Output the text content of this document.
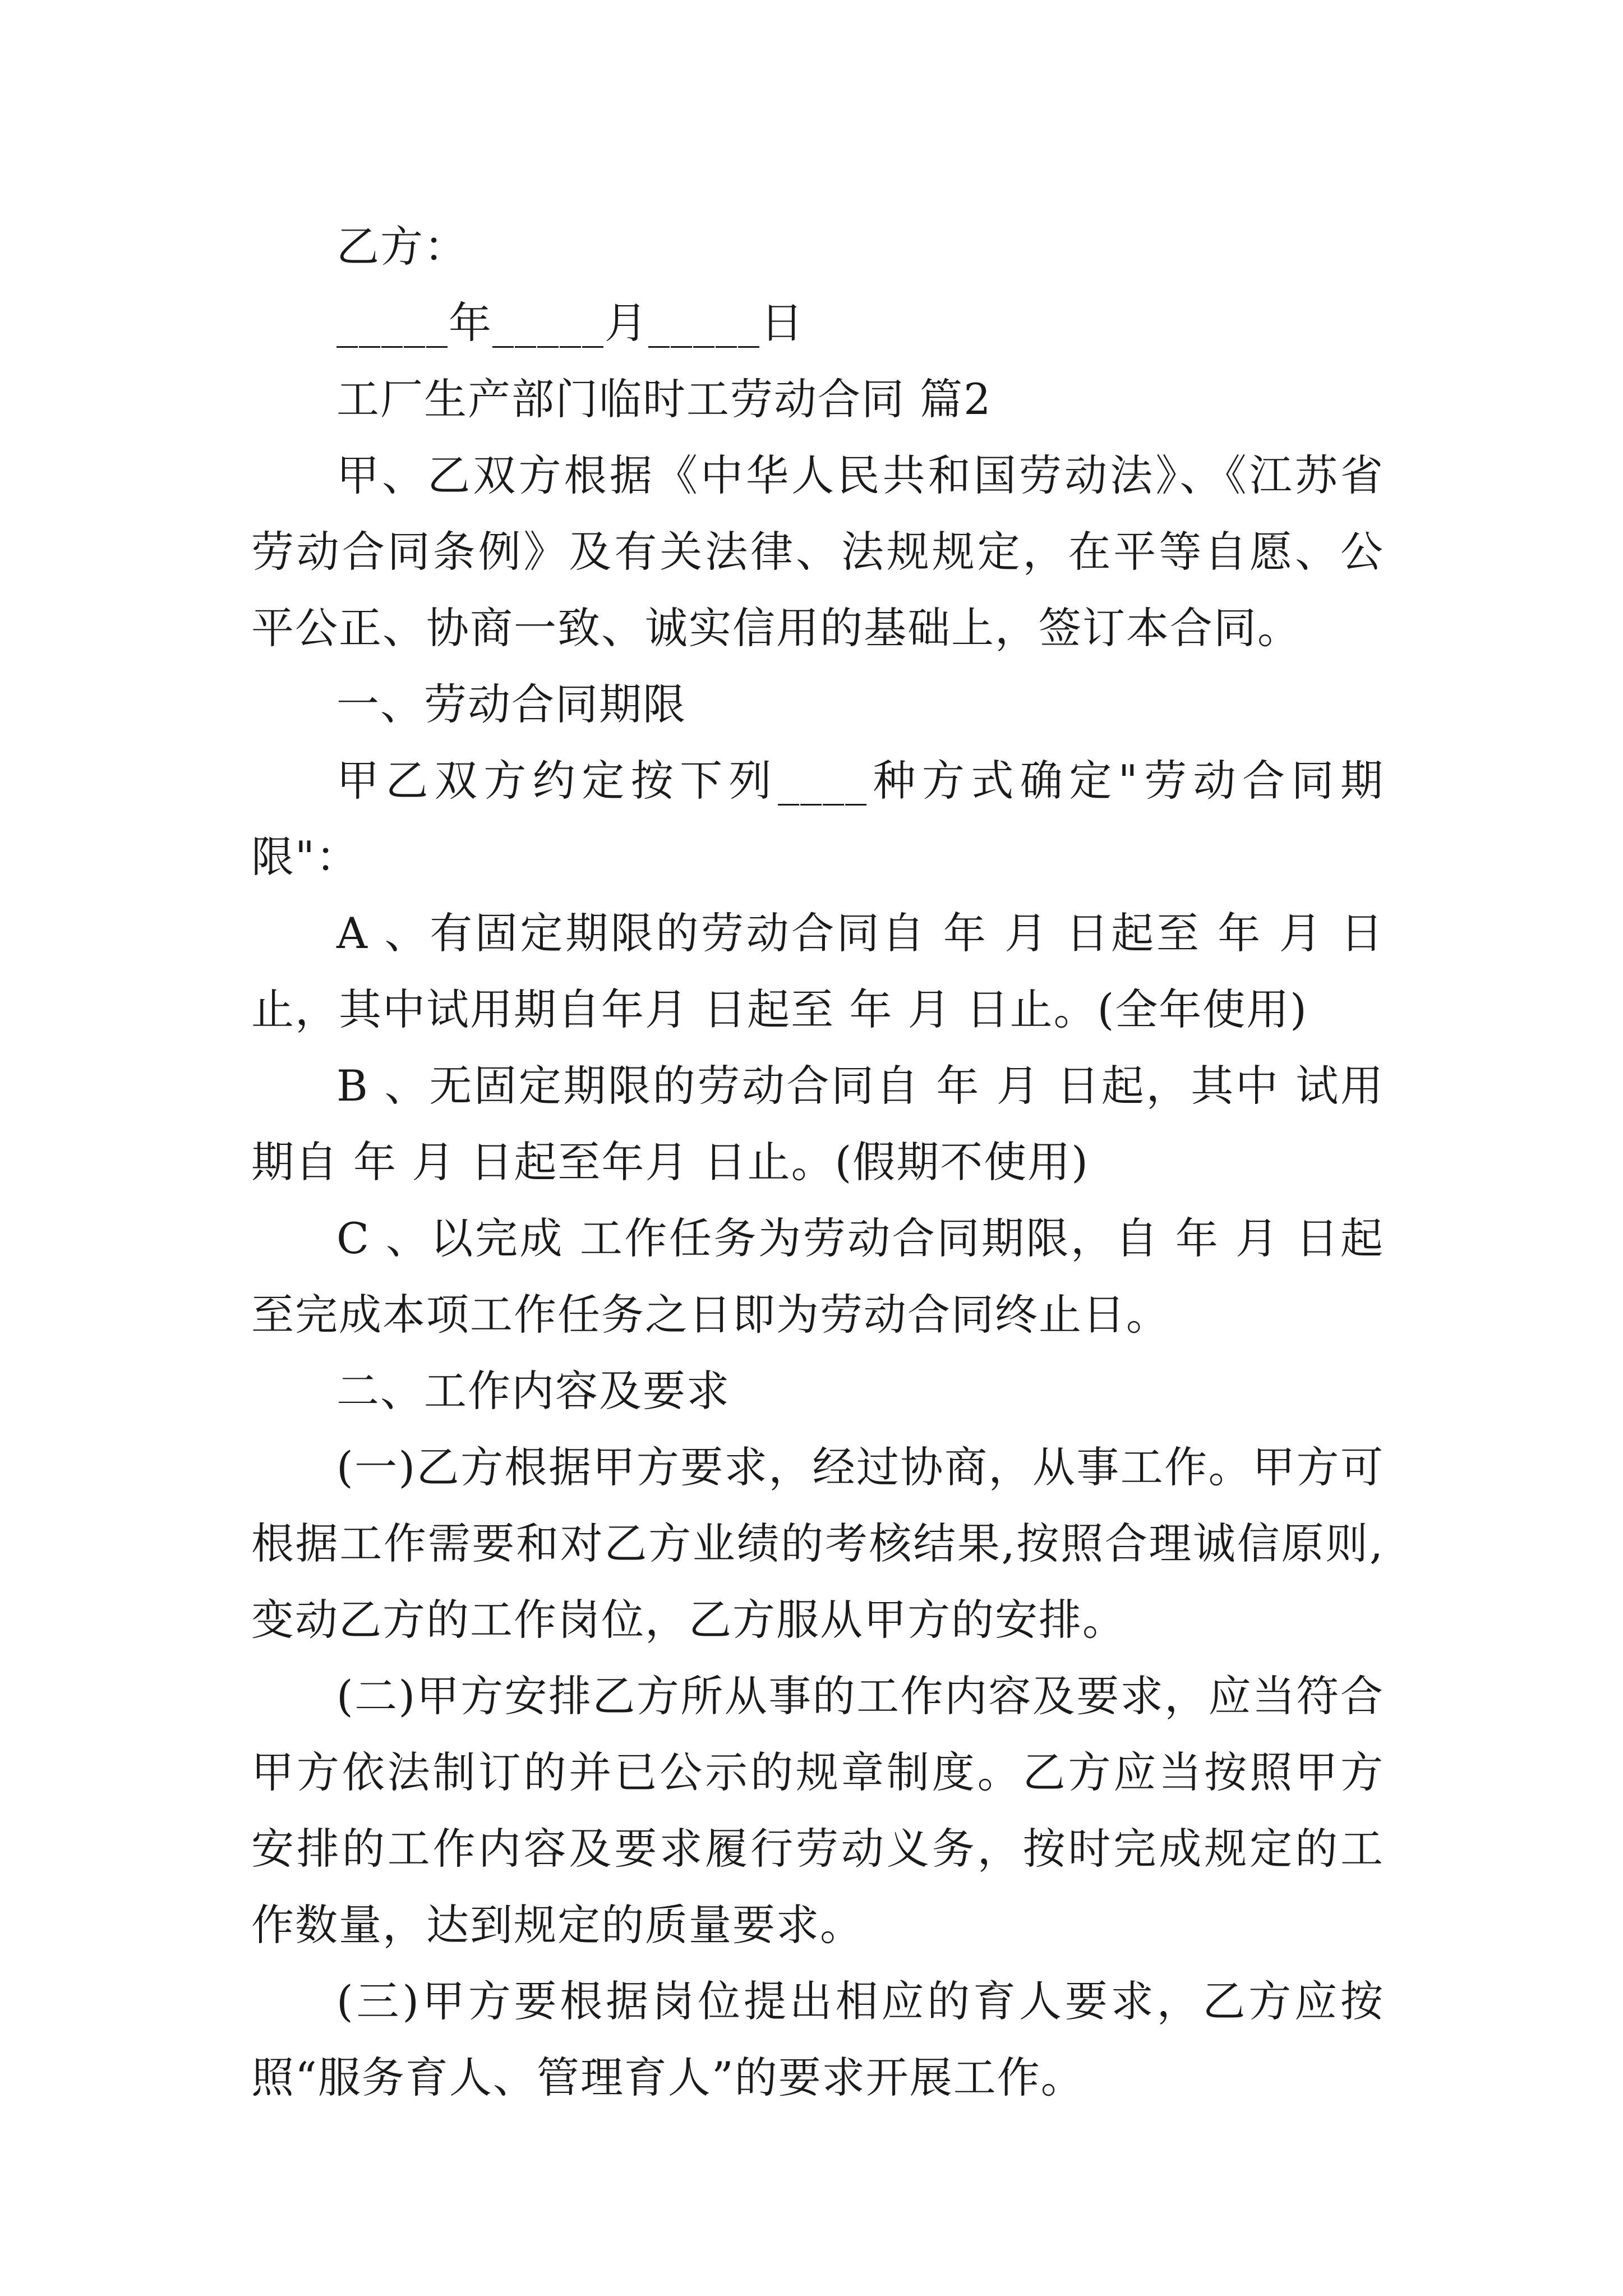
乙方：

_____年_____月_____日

工厂生产部门临时工劳动合同 篇2

甲、乙双方根据《中华人民共和国劳动法》、《江苏省劳动合同条例》及有关法律、法规规定，在平等自愿、公平公正、协商一致、诚实信用的基础上，签订本合同。

一、劳动合同期限

甲乙双方约定按下列____种方式确定"劳动合同期限"：

A 、有固定期限的劳动合同自 年 月 日起至 年 月 日止，其中试用期自年月 日起至 年 月 日止。(全年使用)

B 、无固定期限的劳动合同自 年 月 日起，其中 试用期自 年 月 日起至年月 日止。(假期不使用)

C 、以完成 工作任务为劳动合同期限，自 年 月 日起至完成本项工作任务之日即为劳动合同终止日。

二、工作内容及要求

(一)乙方根据甲方要求，经过协商，从事工作。甲方可根据工作需要和对乙方业绩的考核结果,按照合理诚信原则,变动乙方的工作岗位，乙方服从甲方的安排。

(二)甲方安排乙方所从事的工作内容及要求，应当符合甲方依法制订的并已公示的规章制度。乙方应当按照甲方安排的工作内容及要求履行劳动义务，按时完成规定的工作数量，达到规定的质量要求。

(三)甲方要根据岗位提出相应的育人要求，乙方应按照“服务育人、管理育人”的要求开展工作。
